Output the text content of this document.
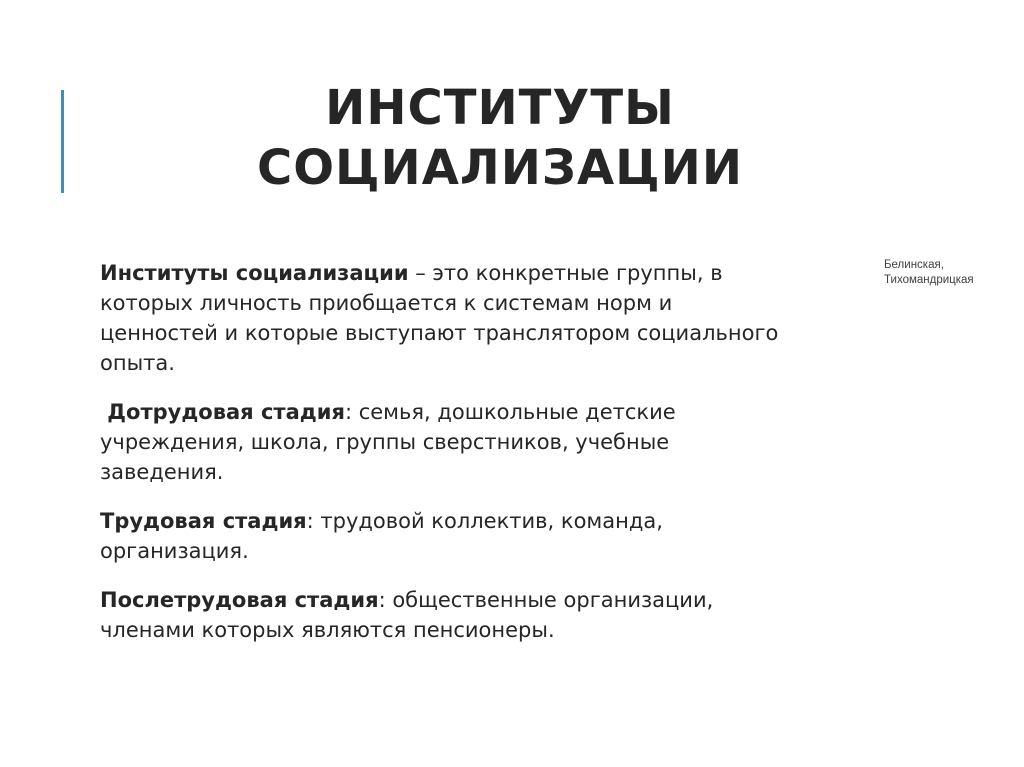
ИНСТИТУТЫ
СОЦИАЛИЗАЦИИ
Белинская,
Тихомандрицкая

Институты социализации – это конкретные группы, в которых личность приобщается к системам норм и ценностей и которые выступают транслятором социального опыта.

Дотрудовая стадия: семья, дошкольные детские учреждения, школа, группы сверстников, учебные заведения.

Трудовая стадия: трудовой коллектив, команда, организация.

Послетрудовая стадия: общественные организации, членами которых являются пенсионеры.
